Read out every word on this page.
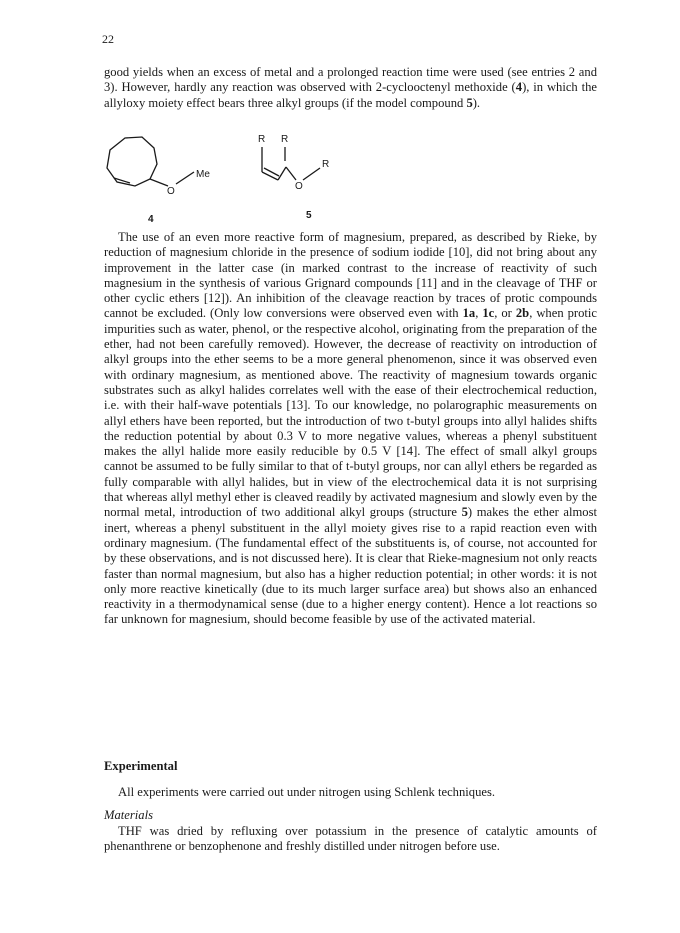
22
good yields when an excess of metal and a prolonged reaction time were used (see entries 2 and 3). However, hardly any reaction was observed with 2-cyclooctenyl methoxide (4), in which the allyloxy moiety effect bears three alkyl groups (if the model compound 5).
O
Me
4
R R
O
R
5
The use of an even more reactive form of magnesium, prepared, as described by Rieke, by reduction of magnesium chloride in the presence of sodium iodide [10], did not bring about any improvement in the latter case (in marked contrast to the increase of reactivity of such magnesium in the synthesis of various Grignard compounds [11] and in the cleavage of THF or other cyclic ethers [12]). An inhibition of the cleavage reaction by traces of protic compounds cannot be excluded. (Only low conversions were observed even with 1a, 1c, or 2b, when protic impurities such as water, phenol, or the respective alcohol, originating from the preparation of the ether, had not been carefully removed). However, the decrease of reactivity on introduction of alkyl groups into the ether seems to be a more general phenomenon, since it was observed even with ordinary magnesium, as mentioned above. The reactivity of magnesium towards organic substrates such as alkyl halides correlates well with the ease of their electrochemical reduction, i.e. with their half-wave potentials [13]. To our knowledge, no polarographic measurements on allyl ethers have been reported, but the introduction of two t-butyl groups into allyl halides shifts the reduction potential by about 0.3 V to more negative values, whereas a phenyl substituent makes the allyl halide more easily reducible by 0.5 V [14]. The effect of small alkyl groups cannot be assumed to be fully similar to that of t-butyl groups, nor can allyl ethers be regarded as fully comparable with allyl halides, but in view of the electrochemical data it is not surprising that whereas allyl methyl ether is cleaved readily by activated magnesium and slowly even by the normal metal, introduction of two additional alkyl groups (structure 5) makes the ether almost inert, whereas a phenyl substituent in the allyl moiety gives rise to a rapid reaction even with ordinary magnesium. (The fundamental effect of the substituents is, of course, not accounted for by these observations, and is not discussed here). It is clear that Rieke-magnesium not only reacts faster than normal magnesium, but also has a higher reduction potential; in other words: it is not only more reactive kinetically (due to its much larger surface area) but shows also an enhanced reactivity in a thermodynamical sense (due to a higher energy content). Hence a lot reactions so far unknown for magnesium, should become feasible by use of the activated material.
Experimental
All experiments were carried out under nitrogen using Schlenk techniques.
Materials
THF was dried by refluxing over potassium in the presence of catalytic amounts of phenanthrene or benzophenone and freshly distilled under nitrogen before use.
